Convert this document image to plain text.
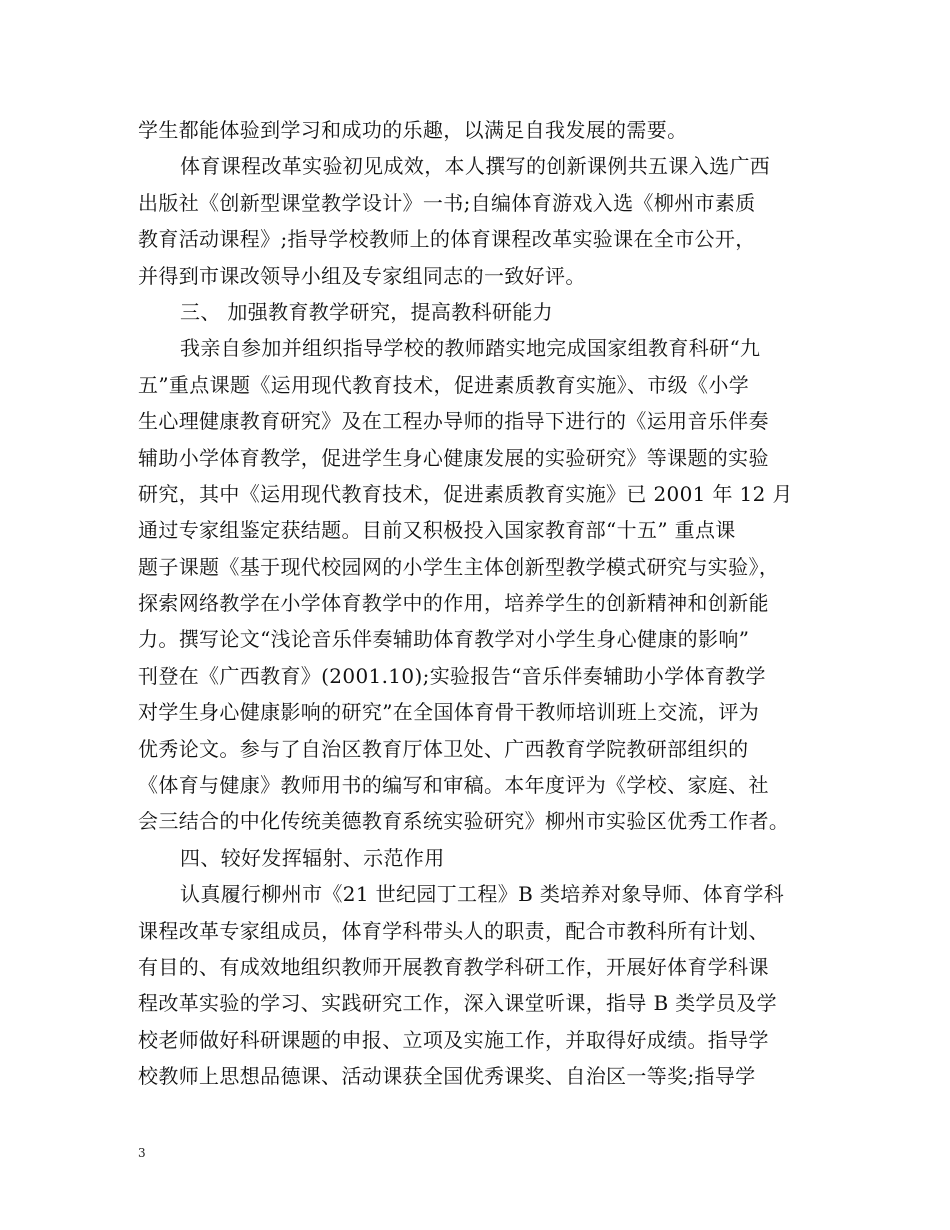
学生都能体验到学习和成功的乐趣，以满足自我发展的需要。
体育课程改革实验初见成效，本人撰写的创新课例共五课入选广西
出版社《创新型课堂教学设计》一书;自编体育游戏入选《柳州市素质
教育活动课程》;指导学校教师上的体育课程改革实验课在全市公开，
并得到市课改领导小组及专家组同志的一致好评。
三、 加强教育教学研究，提高教科研能力
我亲自参加并组织指导学校的教师踏实地完成国家组教育科研“九
五”重点课题《运用现代教育技术，促进素质教育实施》、市级《小学
生心理健康教育研究》及在工程办导师的指导下进行的《运用音乐伴奏
辅助小学体育教学，促进学生身心健康发展的实验研究》等课题的实验
研究，其中《运用现代教育技术，促进素质教育实施》已 2001 年 12 月
通过专家组鉴定获结题。目前又积极投入国家教育部“十五” 重点课
题子课题《基于现代校园网的小学生主体创新型教学模式研究与实验》，
探索网络教学在小学体育教学中的作用，培养学生的创新精神和创新能
力。撰写论文“浅论音乐伴奏辅助体育教学对小学生身心健康的影响”
刊登在《广西教育》(2001.10);实验报告“音乐伴奏辅助小学体育教学
对学生身心健康影响的研究”在全国体育骨干教师培训班上交流，评为
优秀论文。参与了自治区教育厅体卫处、广西教育学院教研部组织的
《体育与健康》教师用书的编写和审稿。本年度评为《学校、家庭、社
会三结合的中化传统美德教育系统实验研究》柳州市实验区优秀工作者。
四、较好发挥辐射、示范作用
认真履行柳州市《21 世纪园丁工程》B 类培养对象导师、体育学科
课程改革专家组成员，体育学科带头人的职责，配合市教科所有计划、
有目的、有成效地组织教师开展教育教学科研工作，开展好体育学科课
程改革实验的学习、实践研究工作，深入课堂听课，指导 B 类学员及学
校老师做好科研课题的申报、立项及实施工作，并取得好成绩。指导学
校教师上思想品德课、活动课获全国优秀课奖、自治区一等奖;指导学
3
